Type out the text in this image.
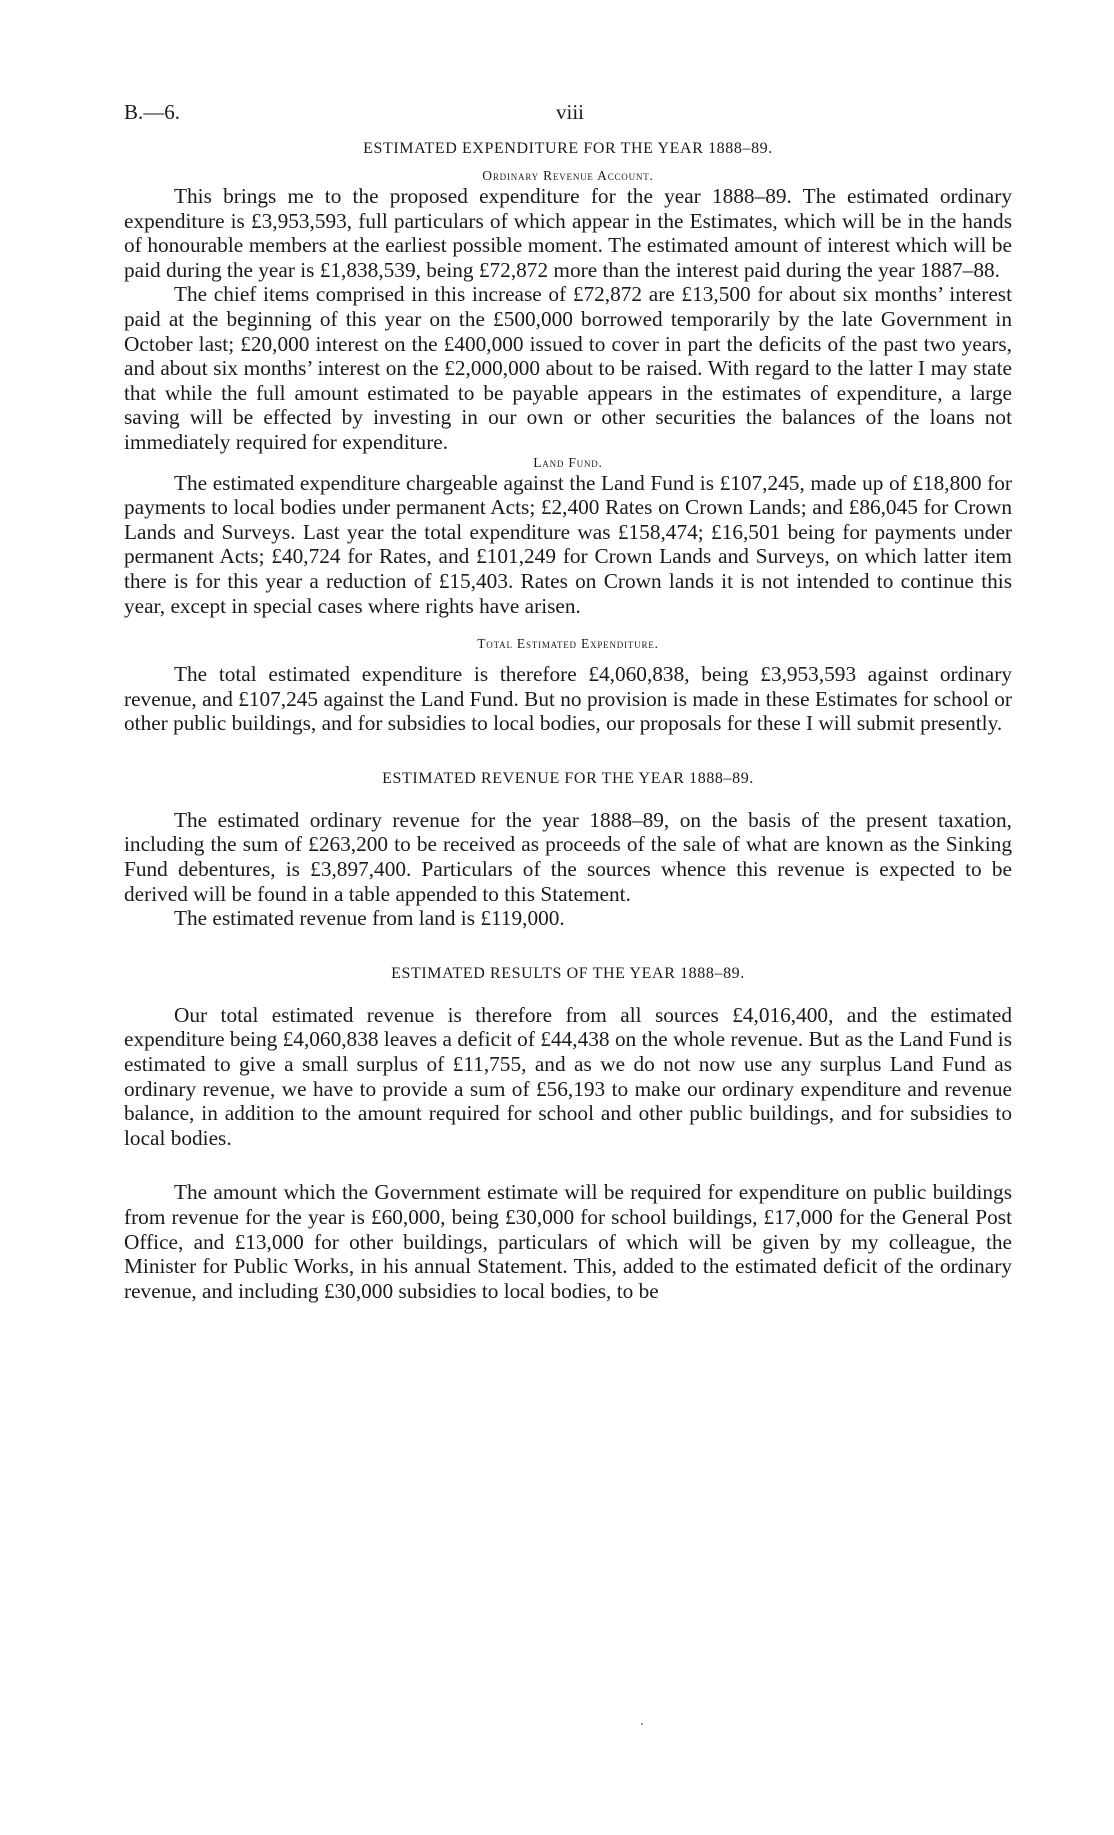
B.—6.	viii
ESTIMATED EXPENDITURE FOR THE YEAR 1888–89.
Ordinary Revenue Account.

This brings me to the proposed expenditure for the year 1888–89. The estimated ordinary expenditure is £3,953,593, full particulars of which appear in the Estimates, which will be in the hands of honourable members at the earliest possible moment. The estimated amount of interest which will be paid during the year is £1,838,539, being £72,872 more than the interest paid during the year 1887–88.

The chief items comprised in this increase of £72,872 are £13,500 for about six months’ interest paid at the beginning of this year on the £500,000 borrowed temporarily by the late Government in October last; £20,000 interest on the £400,000 issued to cover in part the deficits of the past two years, and about six months’ interest on the £2,000,000 about to be raised. With regard to the latter I may state that while the full amount estimated to be payable appears in the estimates of expenditure, a large saving will be effected by investing in our own or other securities the balances of the loans not immediately required for expenditure.

Land Fund.

The estimated expenditure chargeable against the Land Fund is £107,245, made up of £18,800 for payments to local bodies under permanent Acts; £2,400 Rates on Crown Lands; and £86,045 for Crown Lands and Surveys. Last year the total expenditure was £158,474; £16,501 being for payments under permanent Acts; £40,724 for Rates, and £101,249 for Crown Lands and Surveys, on which latter item there is for this year a reduction of £15,403. Rates on Crown lands it is not intended to continue this year, except in special cases where rights have arisen.

Total Estimated Expenditure.

The total estimated expenditure is therefore £4,060,838, being £3,953,593 against ordinary revenue, and £107,245 against the Land Fund. But no provision is made in these Estimates for school or other public buildings, and for subsidies to local bodies, our proposals for these I will submit presently.

ESTIMATED REVENUE FOR THE YEAR 1888–89.

The estimated ordinary revenue for the year 1888–89, on the basis of the present taxation, including the sum of £263,200 to be received as proceeds of the sale of what are known as the Sinking Fund debentures, is £3,897,400. Particulars of the sources whence this revenue is expected to be derived will be found in a table appended to this Statement.

The estimated revenue from land is £119,000.

ESTIMATED RESULTS OF THE YEAR 1888–89.

Our total estimated revenue is therefore from all sources £4,016,400, and the estimated expenditure being £4,060,838 leaves a deficit of £44,438 on the whole revenue. But as the Land Fund is estimated to give a small surplus of £11,755, and as we do not now use any surplus Land Fund as ordinary revenue, we have to provide a sum of £56,193 to make our ordinary expenditure and revenue balance, in addition to the amount required for school and other public buildings, and for subsidies to local bodies.

The amount which the Government estimate will be required for expenditure on public buildings from revenue for the year is £60,000, being £30,000 for school buildings, £17,000 for the General Post Office, and £13,000 for other buildings, particulars of which will be given by my colleague, the Minister for Public Works, in his annual Statement. This, added to the estimated deficit of the ordinary revenue, and including £30,000 subsidies to local bodies, to be
